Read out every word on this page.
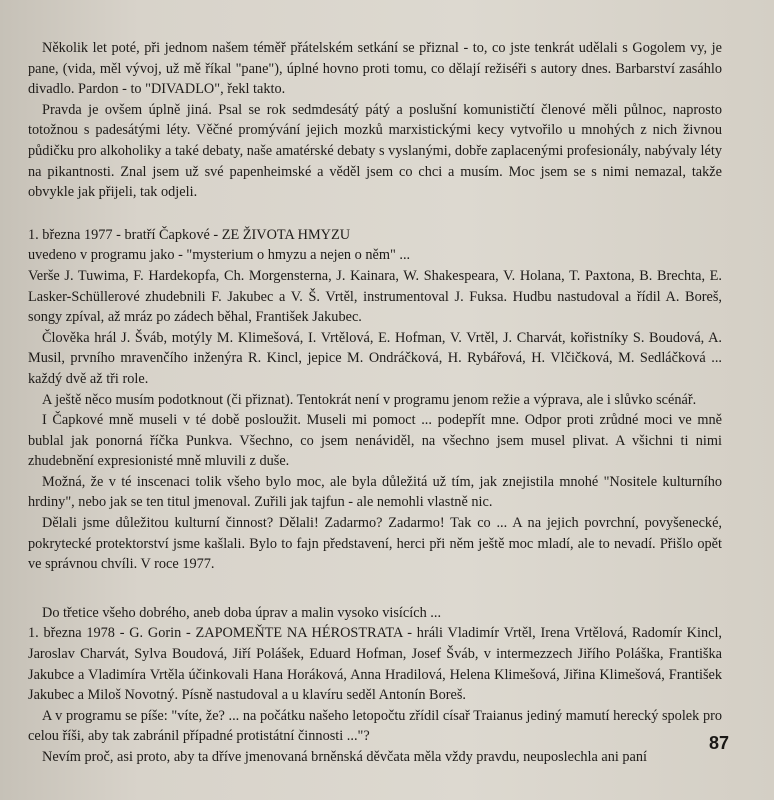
Několik let poté, při jednom našem téměř přátelském setkání se přiznal - to, co jste tenkrát udělali s Gogolem vy, je pane, (vida, měl vývoj, už mě říkal "pane"), úplné hovno proti tomu, co dělají režiséři s autory dnes. Barbarství zasáhlo divadlo. Pardon - to "DIVADLO", řekl takto.

Pravda je ovšem úplně jiná. Psal se rok sedmdesátý pátý a poslušní komunističtí členové měli půlnoc, naprosto totožnou s padesátými léty. Věčné promývání jejich mozků marxistickými kecy vytvořilo u mnohých z nich živnou půdičku pro alkoholiky a také debaty, naše amatérské debaty s vyslanými, dobře zaplacenými profesionály, nabývaly léty na pikantnosti. Znal jsem už své papenheimské a věděl jsem co chci a musím. Moc jsem se s nimi nemazal, takže obvykle jak přijeli, tak odjeli.

1. března 1977 - bratří Čapkové - ZE ŽIVOTA HMYZU

uvedeno v programu jako - "mysterium o hmyzu a nejen o něm" ...

Verše J. Tuwima, F. Hardekopfa, Ch. Morgensterna, J. Kainara, W. Shakespeara, V. Holana, T. Paxtona, B. Brechta, E. Lasker-Schüllerové zhudebnili F. Jakubec a V. Š. Vrtěl, instrumentoval J. Fuksa. Hudbu nastudoval a řídil A. Boreš, songy zpíval, až mráz po zádech běhal, František Jakubec.

Člověka hrál J. Šváb, motýly M. Klimešová, I. Vrtělová, E. Hofman, V. Vrtěl, J. Charvát, kořistníky S. Boudová, A. Musil, prvního mravenčího inženýra R. Kincl, jepice M. Ondráčková, H. Rybářová, H. Vlčičková, M. Sedláčková ... každý dvě až tři role.

A ještě něco musím podotknout (či přiznat). Tentokrát není v programu jenom režie a výprava, ale i slůvko scénář.

I Čapkové mně museli v té době posloužit. Museli mi pomoct ... podepřít mne. Odpor proti zrůdné moci ve mně bublal jak ponorná říčka Punkva. Všechno, co jsem nenáviděl, na všechno jsem musel plivat. A všichni ti nimi zhudebnění expresionisté mně mluvili z duše.

Možná, že v té inscenaci tolik všeho bylo moc, ale byla důležitá už tím, jak znejistila mnohé "Nositele kulturního hrdiny", nebo jak se ten titul jmenoval. Zuřili jak tajfun - ale nemohli vlastně nic.

Dělali jsme důležitou kulturní činnost? Dělali! Zadarmo? Zadarmo! Tak co ... A na jejich povrchní, povyšenecké, pokrytecké protektorství jsme kašlali. Bylo to fajn představení, herci při něm ještě moc mladí, ale to nevadí. Přišlo opět ve správnou chvíli. V roce 1977.

Do třetice všeho dobrého, aneb doba úprav a malin vysoko visících ...

1. března 1978 - G. Gorin - ZAPOMEŇTE NA HÉROSTRATA - hráli Vladimír Vrtěl, Irena Vrtělová, Radomír Kincl, Jaroslav Charvát, Sylva Boudová, Jiří Polášek, Eduard Hofman, Josef Šváb, v intermezzech Jiřího Poláška, Františka Jakubce a Vladimíra Vrtěla účinkovali Hana Horáková, Anna Hradilová, Helena Klimešová, Jiřina Klimešová, František Jakubec a Miloš Novotný. Písně nastudoval a u klavíru seděl Antonín Boreš.

A v programu se píše: "víte, že? ... na počátku našeho letopočtu zřídil císař Traianus jediný mamutí herecký spolek pro celou říši, aby tak zabránil případné protistátní činnosti ..."?

Nevím proč, asi proto, aby ta dříve jmenovaná brněnská děvčata měla vždy pravdu, neuposlechla ani paní

87
